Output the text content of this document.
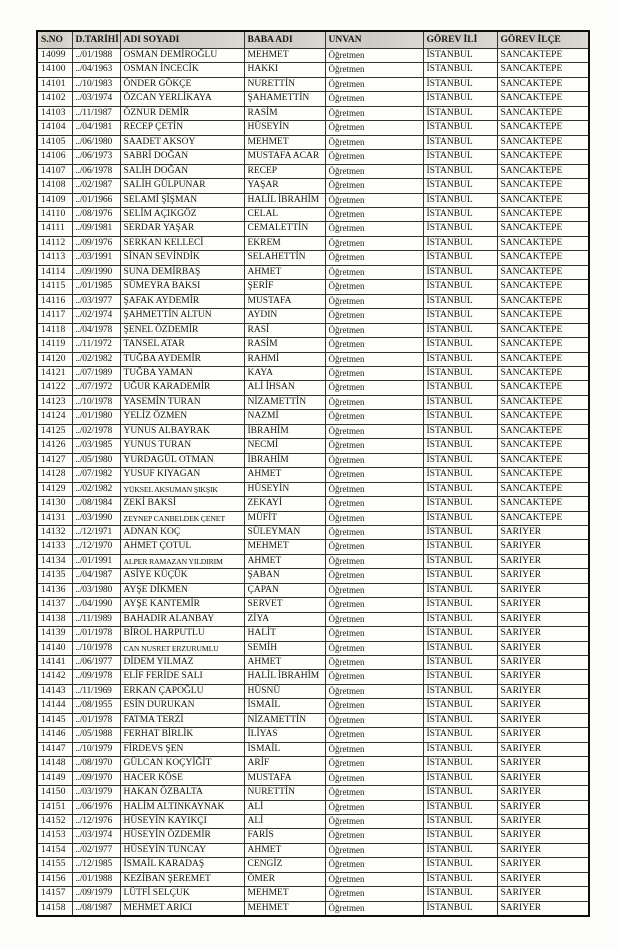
S.NO	D.TARİHİ	ADI SOYADI	BABA ADI	UNVAN	GÖREV İLİ	GÖREV İLÇE
14099	../01/1988	OSMAN DEMİROĞLU	MEHMET	Öğretmen	İSTANBUL	SANCAKTEPE
14100	../04/1963	OSMAN İNCECİK	HAKKI	Öğretmen	İSTANBUL	SANCAKTEPE
14101	../10/1983	ÖNDER GÖKÇE	NURETTİN	Öğretmen	İSTANBUL	SANCAKTEPE
14102	../03/1974	ÖZCAN YERLİKAYA	ŞAHAMETTİN	Öğretmen	İSTANBUL	SANCAKTEPE
14103	../11/1987	ÖZNUR DEMİR	RASİM	Öğretmen	İSTANBUL	SANCAKTEPE
14104	../04/1981	RECEP ÇETİN	HÜSEYİN	Öğretmen	İSTANBUL	SANCAKTEPE
14105	../06/1980	SAADET AKSOY	MEHMET	Öğretmen	İSTANBUL	SANCAKTEPE
14106	../06/1973	SABRİ DOĞAN	MUSTAFA ACAR	Öğretmen	İSTANBUL	SANCAKTEPE
14107	../06/1978	SALİH DOĞAN	RECEP	Öğretmen	İSTANBUL	SANCAKTEPE
14108	../02/1987	SALİH GÜLPUNAR	YAŞAR	Öğretmen	İSTANBUL	SANCAKTEPE
14109	../01/1966	SELAMİ ŞİŞMAN	HALİL İBRAHİM	Öğretmen	İSTANBUL	SANCAKTEPE
14110	../08/1976	SELİM AÇIKGÖZ	CELAL	Öğretmen	İSTANBUL	SANCAKTEPE
14111	../09/1981	SERDAR YAŞAR	CEMALETTİN	Öğretmen	İSTANBUL	SANCAKTEPE
14112	../09/1976	SERKAN KELLECİ	EKREM	Öğretmen	İSTANBUL	SANCAKTEPE
14113	../03/1991	SİNAN SEVİNDİK	SELAHETTİN	Öğretmen	İSTANBUL	SANCAKTEPE
14114	../09/1990	SUNA DEMİRBAŞ	AHMET	Öğretmen	İSTANBUL	SANCAKTEPE
14115	../01/1985	SÜMEYRA BAKSI	ŞERİF	Öğretmen	İSTANBUL	SANCAKTEPE
14116	../03/1977	ŞAFAK AYDEMİR	MUSTAFA	Öğretmen	İSTANBUL	SANCAKTEPE
14117	../02/1974	ŞAHMETTİN ALTUN	AYDIN	Öğretmen	İSTANBUL	SANCAKTEPE
14118	../04/1978	ŞENEL ÖZDEMİR	RASİ	Öğretmen	İSTANBUL	SANCAKTEPE
14119	../11/1972	TANSEL ATAR	RASİM	Öğretmen	İSTANBUL	SANCAKTEPE
14120	../02/1982	TUĞBA AYDEMİR	RAHMİ	Öğretmen	İSTANBUL	SANCAKTEPE
14121	../07/1989	TUĞBA YAMAN	KAYA	Öğretmen	İSTANBUL	SANCAKTEPE
14122	../07/1972	UĞUR KARADEMİR	ALİ İHSAN	Öğretmen	İSTANBUL	SANCAKTEPE
14123	../10/1978	YASEMİN TURAN	NİZAMETTİN	Öğretmen	İSTANBUL	SANCAKTEPE
14124	../01/1980	YELİZ ÖZMEN	NAZMİ	Öğretmen	İSTANBUL	SANCAKTEPE
14125	../02/1978	YUNUS ALBAYRAK	İBRAHİM	Öğretmen	İSTANBUL	SANCAKTEPE
14126	../03/1985	YUNUS TURAN	NECMİ	Öğretmen	İSTANBUL	SANCAKTEPE
14127	../05/1980	YURDAGÜL OTMAN	İBRAHİM	Öğretmen	İSTANBUL	SANCAKTEPE
14128	../07/1982	YUSUF KIYAGAN	AHMET	Öğretmen	İSTANBUL	SANCAKTEPE
14129	../02/1982	YÜKSEL AKSUMAN ŞIKŞIK	HÜSEYİN	Öğretmen	İSTANBUL	SANCAKTEPE
14130	../08/1984	ZEKİ BAKSİ	ZEKAYİ	Öğretmen	İSTANBUL	SANCAKTEPE
14131	../03/1990	ZEYNEP CANBELDEK ÇENET	MÜFİT	Öğretmen	İSTANBUL	SANCAKTEPE
14132	../12/1971	ADNAN KOÇ	SÜLEYMAN	Öğretmen	İSTANBUL	SARIYER
14133	../12/1970	AHMET ÇOTUL	MEHMET	Öğretmen	İSTANBUL	SARIYER
14134	../01/1991	ALPER RAMAZAN YILDIRIM	AHMET	Öğretmen	İSTANBUL	SARIYER
14135	../04/1987	ASİYE KÜÇÜK	ŞABAN	Öğretmen	İSTANBUL	SARIYER
14136	../03/1980	AYŞE DİKMEN	ÇAPAN	Öğretmen	İSTANBUL	SARIYER
14137	../04/1990	AYŞE KANTEMİR	SERVET	Öğretmen	İSTANBUL	SARIYER
14138	../11/1989	BAHADIR ALANBAY	ZİYA	Öğretmen	İSTANBUL	SARIYER
14139	../01/1978	BİROL HARPUTLU	HALİT	Öğretmen	İSTANBUL	SARIYER
14140	../10/1978	CAN NUSRET ERZURUMLU	SEMİH	Öğretmen	İSTANBUL	SARIYER
14141	../06/1977	DİDEM YILMAZ	AHMET	Öğretmen	İSTANBUL	SARIYER
14142	../09/1978	ELİF FERİDE SALI	HALİL İBRAHİM	Öğretmen	İSTANBUL	SARIYER
14143	../11/1969	ERKAN ÇAPOĞLU	HÜSNÜ	Öğretmen	İSTANBUL	SARIYER
14144	../08/1955	ESİN DURUKAN	İSMAİL	Öğretmen	İSTANBUL	SARIYER
14145	../01/1978	FATMA TERZİ	NİZAMETTİN	Öğretmen	İSTANBUL	SARIYER
14146	../05/1988	FERHAT BİRLİK	İLİYAS	Öğretmen	İSTANBUL	SARIYER
14147	../10/1979	FİRDEVS ŞEN	İSMAİL	Öğretmen	İSTANBUL	SARIYER
14148	../08/1970	GÜLCAN KOÇYİĞİT	ARİF	Öğretmen	İSTANBUL	SARIYER
14149	../09/1970	HACER KÖSE	MUSTAFA	Öğretmen	İSTANBUL	SARIYER
14150	../03/1979	HAKAN ÖZBALTA	NURETTİN	Öğretmen	İSTANBUL	SARIYER
14151	../06/1976	HALİM ALTINKAYNAK	ALİ	Öğretmen	İSTANBUL	SARIYER
14152	../12/1976	HÜSEYİN KAYIKÇI	ALİ	Öğretmen	İSTANBUL	SARIYER
14153	../03/1974	HÜSEYİN ÖZDEMİR	FARİS	Öğretmen	İSTANBUL	SARIYER
14154	../02/1977	HÜSEYİN TUNCAY	AHMET	Öğretmen	İSTANBUL	SARIYER
14155	../12/1985	İSMAİL KARADAŞ	CENGİZ	Öğretmen	İSTANBUL	SARIYER
14156	../01/1988	KEZİBAN ŞEREMET	ÖMER	Öğretmen	İSTANBUL	SARIYER
14157	../09/1979	LÜTFİ SELÇUK	MEHMET	Öğretmen	İSTANBUL	SARIYER
14158	../08/1987	MEHMET ARICI	MEHMET	Öğretmen	İSTANBUL	SARIYER
